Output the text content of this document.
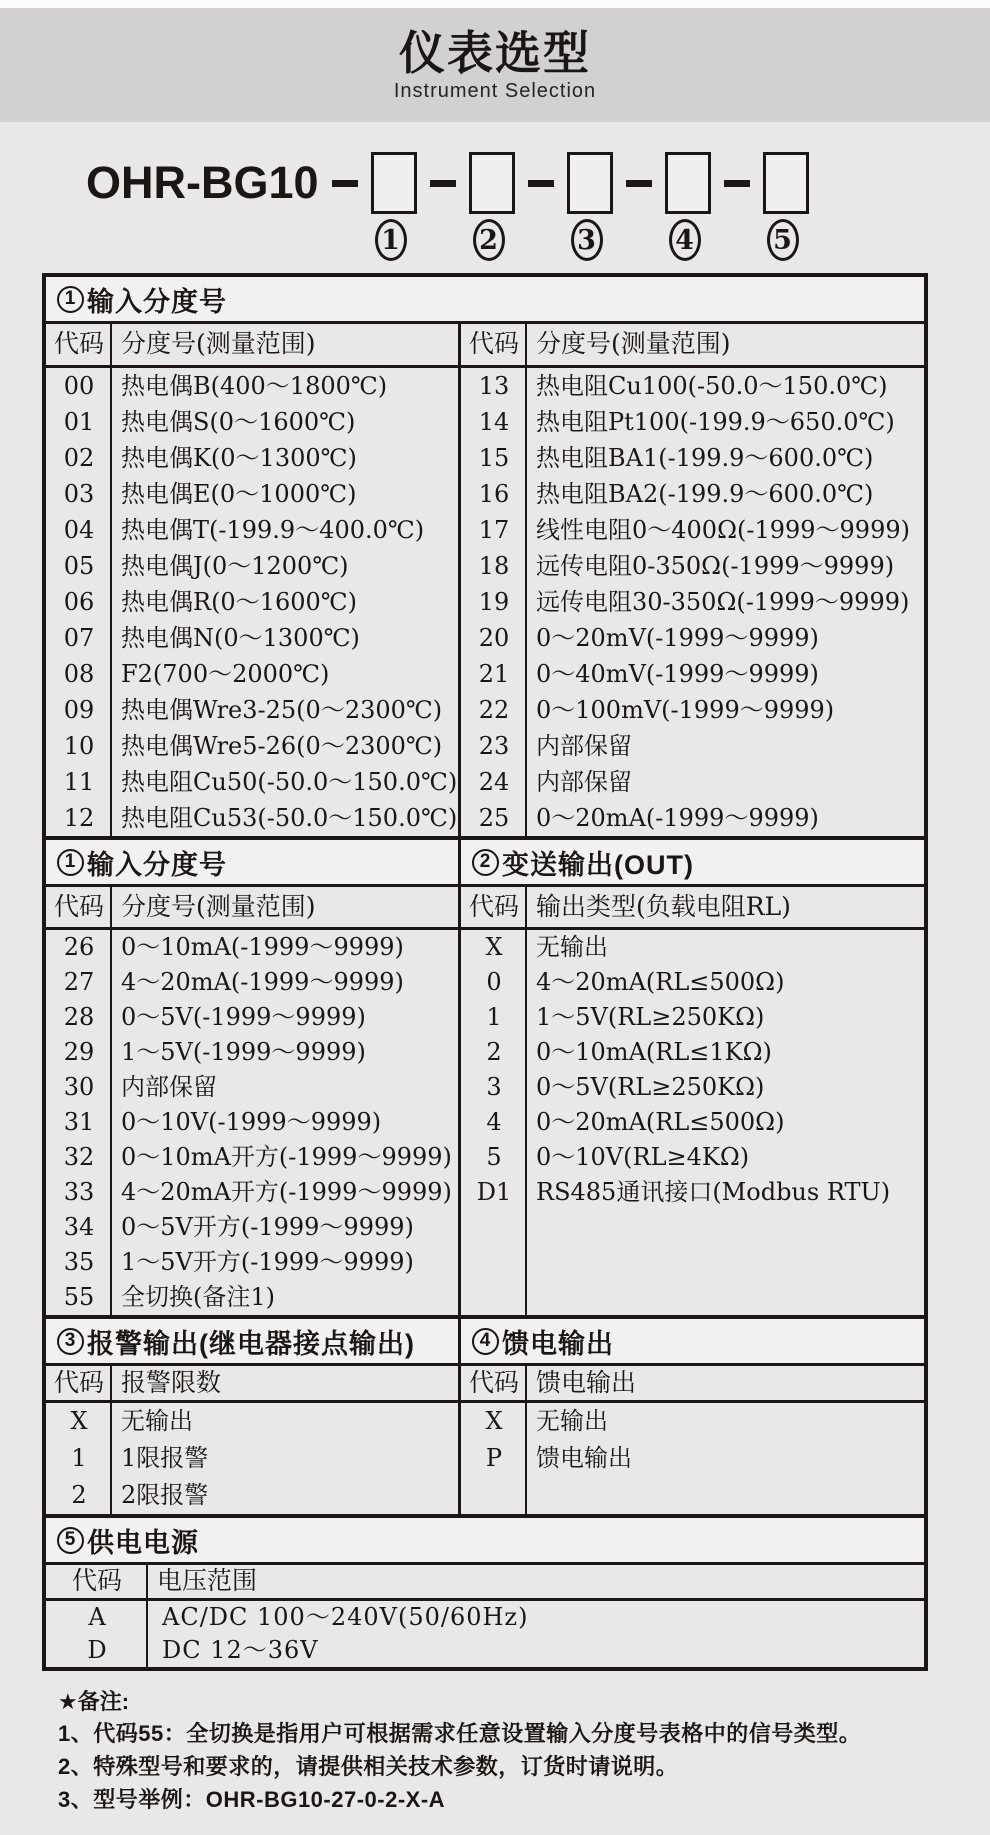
仪表选型
Instrument Selection
OHR-BG10
1	2	3	4	5
1 输入分度号
代码 分度号(测量范围)
00	热电偶B(400～1800℃)
01	热电偶S(0～1600℃)
02	热电偶K(0～1300℃)
03	热电偶E(0～1000℃)
04	热电偶T(-199.9～400.0℃)
05	热电偶J(0～1200℃)
06	热电偶R(0～1600℃)
07	热电偶N(0～1300℃)
08	F2(700～2000℃)
09	热电偶Wre3-25(0～2300℃)
10	热电偶Wre5-26(0～2300℃)
11	热电阻Cu50(-50.0～150.0℃)
12	热电阻Cu53(-50.0～150.0℃)
代码 分度号(测量范围)
13	热电阻Cu100(-50.0～150.0℃)
14	热电阻Pt100(-199.9～650.0℃)
15	热电阻BA1(-199.9～600.0℃)
16	热电阻BA2(-199.9～600.0℃)
17	线性电阻0～400Ω(-1999～9999)
18	远传电阻0-350Ω(-1999～9999)
19	远传电阻30-350Ω(-1999～9999)
20	0～20mV(-1999～9999)
21	0～40mV(-1999～9999)
22	0～100mV(-1999～9999)
23	内部保留
24	内部保留
25	0～20mA(-1999～9999)
1 输入分度号	2 变送输出(OUT)
代码 分度号(测量范围)
26	0～10mA(-1999～9999)
27	4～20mA(-1999～9999)
28	0～5V(-1999～9999)
29	1～5V(-1999～9999)
30	内部保留
31	0～10V(-1999～9999)
32	0～10mA开方(-1999～9999)
33	4～20mA开方(-1999～9999)
34	0～5V开方(-1999～9999)
35	1～5V开方(-1999～9999)
55	全切换(备注1)
代码 输出类型(负载电阻RL)
X	无输出
0	4～20mA(RL≤500Ω)
1	1～5V(RL≥250KΩ)
2	0～10mA(RL≤1KΩ)
3	0～5V(RL≥250KΩ)
4	0～20mA(RL≤500Ω)
5	0～10V(RL≥4KΩ)
D1	RS485通讯接口(Modbus RTU)
3 报警输出(继电器接点输出)	4 馈电输出
代码 报警限数
X	无输出
1	1限报警
2	2限报警
代码 馈电输出
X	无输出
P	馈电输出
5 供电电源
代码	电压范围
A	AC/DC 100～240V(50/60Hz)
D	DC 12～36V
★备注:
1、代码55：全切换是指用户可根据需求任意设置输入分度号表格中的信号类型。
2、特殊型号和要求的，请提供相关技术参数，订货时请说明。
3、型号举例：OHR-BG10-27-0-2-X-A
